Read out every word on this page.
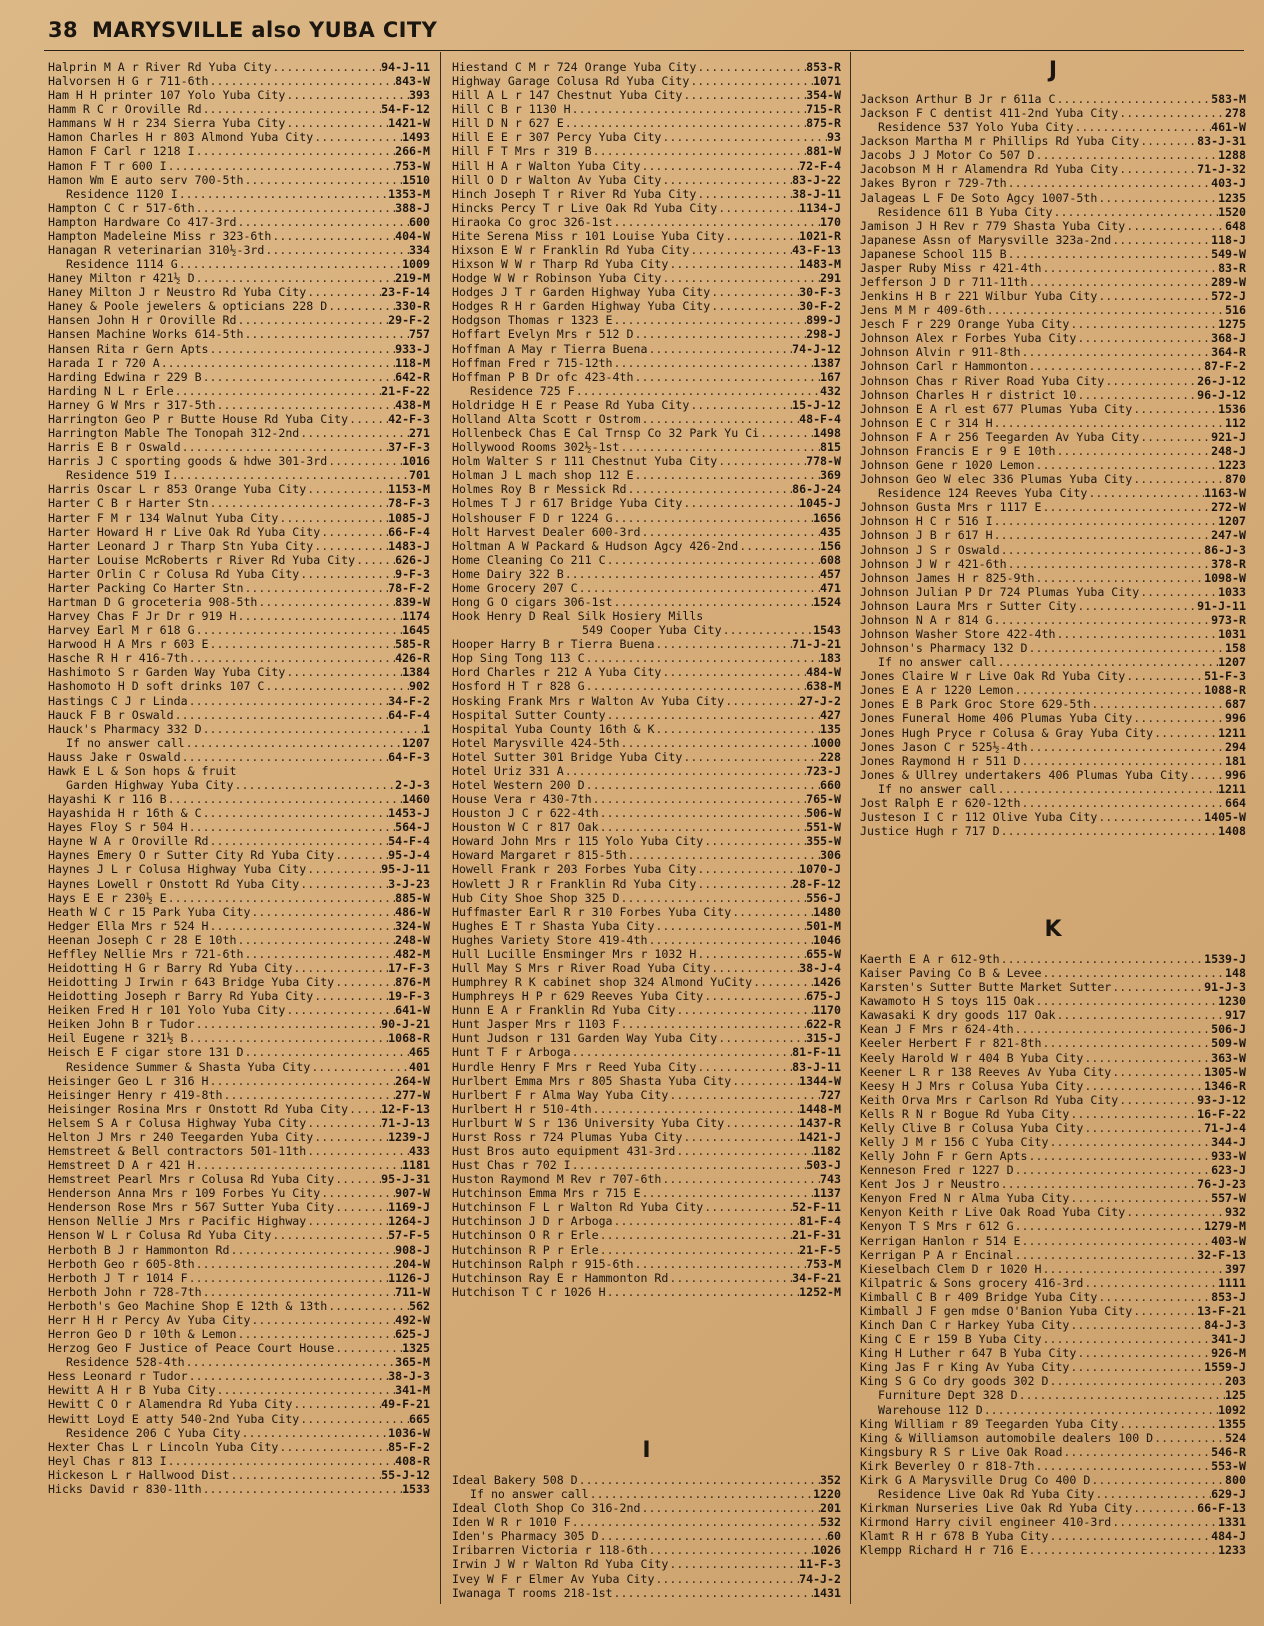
38 MARYSVILLE also YUBA CITY
Halprin M A r River Rd Yuba City .....	94-J-11
Halvorsen H G r 711-6th .....	843-W
Ham H H printer 107 Yolo Yuba City .....	393
Hamm R C r Oroville Rd .....	54-F-12
Hammans W H r 234 Sierra Yuba City .....	1421-W
Hamon Charles H r 803 Almond Yuba City .....	1493
Hamon F Carl r 1218 I .....	266-M
Hamon F T r 600 I .....	753-W
Hamon Wm E auto serv 700-5th .....	1510
Residence 1120 I .....	1353-M
Hampton C C r 517-6th .....	388-J
Hampton Hardware Co 417-3rd .....	600
Hampton Madeleine Miss r 323-6th .....	404-W
Hanagan R veterinarian 310½-3rd .....	334
Residence 1114 G .....	1009
Haney Milton r 421½ D .....	219-M
Haney Milton J r Neustro Rd Yuba City .....	23-F-14
Haney & Poole jewelers & opticians 228 D .....	330-R
Hansen John H r Oroville Rd .....	29-F-2
Hansen Machine Works 614-5th .....	757
Hansen Rita r Gern Apts .....	933-J
Harada I r 720 A .....	118-M
Harding Edwina r 229 B .....	642-R
Harding N L r Erle .....	21-F-22
Harney G W Mrs r 317-5th .....	438-M
Harrington Geo P r Butte House Rd Yuba City .....	42-F-3
Harrington Mable The Tonopah 312-2nd .....	271
Harris E B r Oswald .....	37-F-3
Harris J C sporting goods & hdwe 301-3rd .....	1016
Residence 519 I .....	701
Harris Oscar L r 853 Orange Yuba City .....	1153-M
Harter C B r Harter Stn .....	78-F-3
Harter F M r 134 Walnut Yuba City .....	1085-J
Harter Howard H r Live Oak Rd Yuba City .....	66-F-4
Harter Leonard J r Tharp Stn Yuba City .....	1483-J
Harter Louise McRoberts r River Rd Yuba City .....	626-J
Harter Orlin C r Colusa Rd Yuba City .....	9-F-3
Harter Packing Co Harter Stn .....	78-F-2
Hartman D G groceteria 908-5th .....	839-W
Harvey Chas F Jr Dr r 919 H .....	1174
Harvey Earl M r 618 G .....	1645
Harwood H A Mrs r 603 E .....	585-R
Hasche R H r 416-7th .....	426-R
Hashimoto S r Garden Way Yuba City .....	1384
Hashomoto H D soft drinks 107 C .....	902
Hastings C J r Linda .....	34-F-2
Hauck F B r Oswald .....	64-F-4
Hauck's Pharmacy 332 D .....	1
If no answer call .....	1207
Hauss Jake r Oswald .....	64-F-3
Hawk E L & Son hops & fruit
Garden Highway Yuba City .....	2-J-3
Hayashi K r 116 B .....	1460
Hayashida H r 16th & C .....	1453-J
Hayes Floy S r 504 H .....	564-J
Hayne W A r Oroville Rd .....	54-F-4
Haynes Emery O r Sutter City Rd Yuba City .....	95-J-4
Haynes J L r Colusa Highway Yuba City .....	95-J-11
Haynes Lowell r Onstott Rd Yuba City .....	3-J-23
Hays E E r 230½ E .....	885-W
Heath W C r 15 Park Yuba City .....	486-W
Hedger Ella Mrs r 524 H .....	324-W
Heenan Joseph C r 28 E 10th .....	248-W
Heffley Nellie Mrs r 721-6th .....	482-M
Heidotting H G r Barry Rd Yuba City .....	17-F-3
Heidotting J Irwin r 643 Bridge Yuba City .....	876-M
Heidotting Joseph r Barry Rd Yuba City .....	19-F-3
Heiken Fred H r 101 Yolo Yuba City .....	641-W
Heiken John B r Tudor .....	90-J-21
Heil Eugene r 321½ B .....	1068-R
Heisch E F cigar store 131 D .....	465
Residence Summer & Shasta Yuba City .....	401
Heisinger Geo L r 316 H .....	264-W
Heisinger Henry r 419-8th .....	277-W
Heisinger Rosina Mrs r Onstott Rd Yuba City .....	12-F-13
Helsem S A r Colusa Highway Yuba City .....	71-J-13
Helton J Mrs r 240 Teegarden Yuba City .....	1239-J
Hemstreet & Bell contractors 501-11th .....	433
Hemstreet D A r 421 H .....	1181
Hemstreet Pearl Mrs r Colusa Rd Yuba City .....	95-J-31
Henderson Anna Mrs r 109 Forbes Yu City .....	907-W
Henderson Rose Mrs r 567 Sutter Yuba City .....	1169-J
Henson Nellie J Mrs r Pacific Highway .....	1264-J
Henson W L r Colusa Rd Yuba City .....	57-F-5
Herboth B J r Hammonton Rd .....	908-J
Herboth Geo r 605-8th .....	204-W
Herboth J T r 1014 F .....	1126-J
Herboth John r 728-7th .....	711-W
Herboth's Geo Machine Shop E 12th & 13th .....	562
Herr H H r Percy Av Yuba City .....	492-W
Herron Geo D r 10th & Lemon .....	625-J
Herzog Geo F Justice of Peace Court House .....	1325
Residence 528-4th .....	365-M
Hess Leonard r Tudor .....	38-J-3
Hewitt A H r B Yuba City .....	341-M
Hewitt C O r Alamendra Rd Yuba City .....	49-F-21
Hewitt Loyd E atty 540-2nd Yuba City .....	665
Residence 206 C Yuba City .....	1036-W
Hexter Chas L r Lincoln Yuba City .....	85-F-2
Heyl Chas r 813 I .....	408-R
Hickeson L r Hallwood Dist .....	55-J-12
Hicks David r 830-11th .....	1533
Hiestand C M r 724 Orange Yuba City .....	853-R
Highway Garage Colusa Rd Yuba City .....	1071
Hill A L r 147 Chestnut Yuba City .....	354-W
Hill C B r 1130 H .....	715-R
Hill D N r 627 E .....	875-R
Hill E E r 307 Percy Yuba City .....	93
Hill F T Mrs r 319 B .....	881-W
Hill H A r Walton Yuba City .....	72-F-4
Hill O D r Walton Av Yuba City .....	83-J-22
Hinch Joseph T r River Rd Yuba City .....	38-J-11
Hincks Percy T r Live Oak Rd Yuba City .....	1134-J
Hiraoka Co groc 326-1st .....	170
Hite Serena Miss r 101 Louise Yuba City .....	1021-R
Hixson E W r Franklin Rd Yuba City .....	43-F-13
Hixson W W r Tharp Rd Yuba City .....	1483-M
Hodge W W r Robinson Yuba City .....	291
Hodges J T r Garden Highway Yuba City .....	30-F-3
Hodges R H r Garden Highway Yuba City .....	30-F-2
Hodgson Thomas r 1323 E .....	899-J
Hoffart Evelyn Mrs r 512 D .....	298-J
Hoffman A May r Tierra Buena .....	74-J-12
Hoffman Fred r 715-12th .....	1387
Hoffman P B Dr ofc 423-4th .....	167
Residence 725 F .....	432
Holdridge H E r Pease Rd Yuba City .....	15-J-12
Holland Alta Scott r Ostrom .....	48-F-4
Hollenbeck Chas E Cal Trnsp Co 32 Park Yu Ci .....	1498
Hollywood Rooms 302½-1st .....	815
Holm Walter S r 111 Chestnut Yuba City .....	778-W
Holman J L mach shop 112 E .....	369
Holmes Roy B r Messick Rd .....	86-J-24
Holmes T J r 617 Bridge Yuba City .....	1045-J
Holshouser F D r 1224 G .....	1656
Holt Harvest Dealer 600-3rd .....	435
Holtman A W Packard & Hudson Agcy 426-2nd .....	156
Home Cleaning Co 211 C .....	608
Home Dairy 322 B .....	457
Home Grocery 207 C .....	471
Hong G O cigars 306-1st .....	1524
Hook Henry D Real Silk Hosiery Mills
549 Cooper Yuba City .....	1543
Hooper Harry B r Tierra Buena .....	71-J-21
Hop Sing Tong 113 C .....	183
Hord Charles r 212 A Yuba City .....	484-W
Hosford H T r 828 G .....	638-M
Hosking Frank Mrs r Walton Av Yuba City .....	27-J-2
Hospital Sutter County .....	427
Hospital Yuba County 16th & K .....	135
Hotel Marysville 424-5th .....	1000
Hotel Sutter 301 Bridge Yuba City .....	228
Hotel Uriz 331 A .....	723-J
Hotel Western 200 D .....	660
House Vera r 430-7th .....	765-W
Houston J C r 622-4th .....	506-W
Houston W C r 817 Oak .....	551-W
Howard John Mrs r 115 Yolo Yuba City .....	355-W
Howard Margaret r 815-5th .....	306
Howell Frank r 203 Forbes Yuba City .....	1070-J
Howlett J R r Franklin Rd Yuba City .....	28-F-12
Hub City Shoe Shop 325 D .....	556-J
Huffmaster Earl R r 310 Forbes Yuba City .....	1480
Hughes E T r Shasta Yuba City .....	501-M
Hughes Variety Store 419-4th .....	1046
Hull Lucille Ensminger Mrs r 1032 H .....	655-W
Hull May S Mrs r River Road Yuba City .....	38-J-4
Humphrey R K cabinet shop 324 Almond YuCity .....	1426
Humphreys H P r 629 Reeves Yuba City .....	675-J
Hunn E A r Franklin Rd Yuba City .....	1170
Hunt Jasper Mrs r 1103 F .....	622-R
Hunt Judson r 131 Garden Way Yuba City .....	315-J
Hunt T F r Arboga .....	81-F-11
Hurdle Henry F Mrs r Reed Yuba City .....	83-J-11
Hurlbert Emma Mrs r 805 Shasta Yuba City .....	1344-W
Hurlbert F r Alma Way Yuba City .....	727
Hurlbert H r 510-4th .....	1448-M
Hurlburt W S r 136 University Yuba City .....	1437-R
Hurst Ross r 724 Plumas Yuba City .....	1421-J
Hust Bros auto equipment 431-3rd .....	1182
Hust Chas r 702 I .....	503-J
Huston Raymond M Rev r 707-6th .....	743
Hutchinson Emma Mrs r 715 E .....	1137
Hutchinson F L r Walton Rd Yuba City .....	52-F-11
Hutchinson J D r Arboga .....	81-F-4
Hutchinson O R r Erle .....	21-F-31
Hutchinson R P r Erle .....	21-F-5
Hutchinson Ralph r 915-6th .....	753-M
Hutchinson Ray E r Hammonton Rd .....	34-F-21
Hutchison T C r 1026 H .....	1252-M
I
Ideal Bakery 508 D .....	352
If no answer call .....	1220
Ideal Cloth Shop Co 316-2nd .....	201
Iden W R r 1010 F .....	532
Iden's Pharmacy 305 D .....	60
Iribarren Victoria r 118-6th .....	1026
Irwin J W r Walton Rd Yuba City .....	11-F-3
Ivey W F r Elmer Av Yuba City .....	74-J-2
Iwanaga T rooms 218-1st .....	1431
J
Jackson Arthur B Jr r 611a C .....	583-M
Jackson F C dentist 411-2nd Yuba City .....	278
Residence 537 Yolo Yuba City .....	461-W
Jackson Martha M r Phillips Rd Yuba City .....	83-J-31
Jacobs J J Motor Co 507 D .....	1288
Jacobson M H r Alamendra Rd Yuba City .....	71-J-32
Jakes Byron r 729-7th .....	403-J
Jalageas L F De Soto Agcy 1007-5th .....	1235
Residence 611 B Yuba City .....	1520
Jamison J H Rev r 779 Shasta Yuba City .....	648
Japanese Assn of Marysville 323a-2nd .....	118-J
Japanese School 115 B .....	549-W
Jasper Ruby Miss r 421-4th .....	83-R
Jefferson J D r 711-11th .....	289-W
Jenkins H B r 221 Wilbur Yuba City .....	572-J
Jens M M r 409-6th .....	516
Jesch F r 229 Orange Yuba City .....	1275
Johnson Alex r Forbes Yuba City .....	368-J
Johnson Alvin r 911-8th .....	364-R
Johnson Carl r Hammonton .....	87-F-2
Johnson Chas r River Road Yuba City .....	26-J-12
Johnson Charles H r district 10 .....	96-J-12
Johnson E A rl est 677 Plumas Yuba City .....	1536
Johnson E C r 314 H .....	112
Johnson F A r 256 Teegarden Av Yuba City .....	921-J
Johnson Francis E r 9 E 10th .....	248-J
Johnson Gene r 1020 Lemon .....	1223
Johnson Geo W elec 336 Plumas Yuba City .....	870
Residence 124 Reeves Yuba City .....	1163-W
Johnson Gusta Mrs r 1117 E .....	272-W
Johnson H C r 516 I .....	1207
Johnson J B r 617 H .....	247-W
Johnson J S r Oswald .....	86-J-3
Johnson J W r 421-6th .....	378-R
Johnson James H r 825-9th .....	1098-W
Johnson Julian P Dr 724 Plumas Yuba City .....	1033
Johnson Laura Mrs r Sutter City .....	91-J-11
Johnson N A r 814 G .....	973-R
Johnson Washer Store 422-4th .....	1031
Johnson's Pharmacy 132 D .....	158
If no answer call .....	1207
Jones Claire W r Live Oak Rd Yuba City .....	51-F-3
Jones E A r 1220 Lemon .....	1088-R
Jones E B Park Groc Store 629-5th .....	687
Jones Funeral Home 406 Plumas Yuba City .....	996
Jones Hugh Pryce r Colusa & Gray Yuba City .....	1211
Jones Jason C r 525½-4th .....	294
Jones Raymond H r 511 D .....	181
Jones & Ullrey undertakers 406 Plumas Yuba City .....	996
If no answer call .....	1211
Jost Ralph E r 620-12th .....	664
Justeson I C r 112 Olive Yuba City .....	1405-W
Justice Hugh r 717 D .....	1408
K
Kaerth E A r 612-9th .....	1539-J
Kaiser Paving Co B & Levee .....	148
Karsten's Sutter Butte Market Sutter .....	91-J-3
Kawamoto H S toys 115 Oak .....	1230
Kawasaki K dry goods 117 Oak .....	917
Kean J F Mrs r 624-4th .....	506-J
Keeler Herbert F r 821-8th .....	509-W
Keely Harold W r 404 B Yuba City .....	363-W
Keener L R r 138 Reeves Av Yuba City .....	1305-W
Keesy H J Mrs r Colusa Yuba City .....	1346-R
Keith Orva Mrs r Carlson Rd Yuba City .....	93-J-12
Kells R N r Bogue Rd Yuba City .....	16-F-22
Kelly Clive B r Colusa Yuba City .....	71-J-4
Kelly J M r 156 C Yuba City .....	344-J
Kelly John F r Gern Apts .....	933-W
Kenneson Fred r 1227 D .....	623-J
Kent Jos J r Neustro .....	76-J-23
Kenyon Fred N r Alma Yuba City .....	557-W
Kenyon Keith r Live Oak Road Yuba City .....	932
Kenyon T S Mrs r 612 G .....	1279-M
Kerrigan Hanlon r 514 E .....	403-W
Kerrigan P A r Encinal .....	32-F-13
Kieselbach Clem D r 1020 H .....	397
Kilpatric & Sons grocery 416-3rd .....	1111
Kimball C B r 409 Bridge Yuba City .....	853-J
Kimball J F gen mdse O'Banion Yuba City .....	13-F-21
Kinch Dan C r Harkey Yuba City .....	84-J-3
King C E r 159 B Yuba City .....	341-J
King H Luther r 647 B Yuba City .....	926-M
King Jas F r King Av Yuba City .....	1559-J
King S G Co dry goods 302 D .....	203
Furniture Dept 328 D .....	125
Warehouse 112 D .....	1092
King William r 89 Teegarden Yuba City .....	1355
King & Williamson automobile dealers 100 D .....	524
Kingsbury R S r Live Oak Road .....	546-R
Kirk Beverley O r 818-7th .....	553-W
Kirk G A Marysville Drug Co 400 D .....	800
Residence Live Oak Rd Yuba City .....	629-J
Kirkman Nurseries Live Oak Rd Yuba City .....	66-F-13
Kirmond Harry civil engineer 410-3rd .....	1331
Klamt R H r 678 B Yuba City .....	484-J
Klempp Richard H r 716 E .....	1233
